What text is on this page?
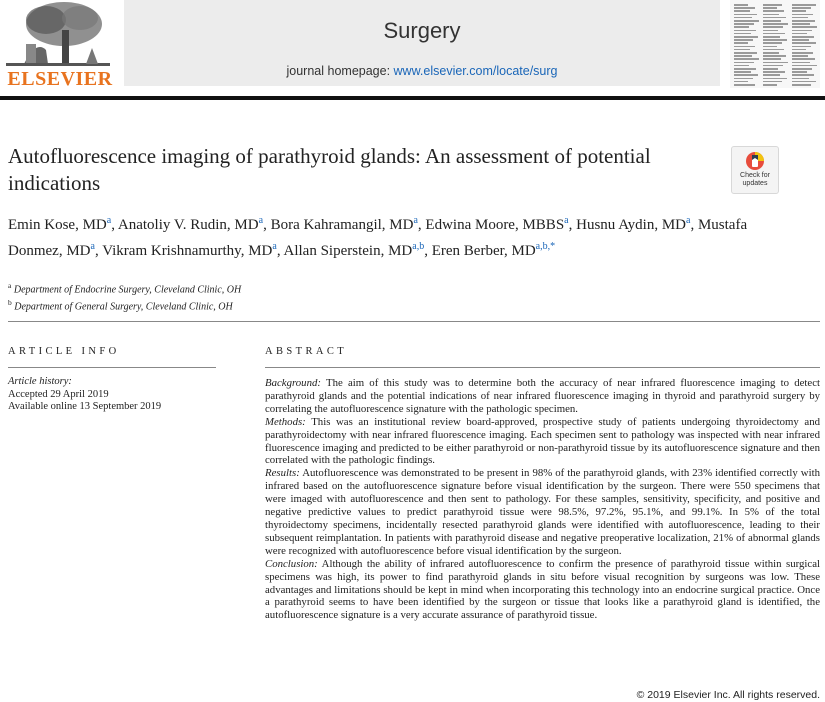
ELSEVIER
Surgery
journal homepage: www.elsevier.com/locate/surg
Autofluorescence imaging of parathyroid glands: An assessment of potential indications	Check for updates
Emin Kose, $MD^a$, Anatoliy V. Rudin, $MD^a$, Bora Kahramangil, $MD^a$, Edwina Moore, MBBS$^a$, Husnu Aydin, $MD^a$, Mustafa Donmez, $MD^a$, Vikram Krishnamurthy, $MD^a$, Allan Siperstein, MD$^{a,b}$, Eren Berber, $MD^{a,b,*}$
$^a$ Department of Endocrine Surgery, Cleveland Clinic, OH
$^b$ Department of General Surgery, Cleveland Clinic, OH
ARTICLE INFO
Article history:
Accepted 29 April 2019
Available online 13 September 2019
ABSTRACT
Background: The aim of this study was to determine both the accuracy of near infrared fluorescence imaging to detect parathyroid glands and the potential indications of near infrared fluorescence imaging in thyroid and parathyroid surgery by correlating the autofluorescence signature with the pathologic specimen.
Methods: This was an institutional review board-approved, prospective study of patients undergoing thyroidectomy and parathyroidectomy with near infrared fluorescence imaging. Each specimen sent to pathology was inspected with near infrared fluorescence imaging and predicted to be either parathyroid or non-parathyroid tissue by its autofluorescence signature and then correlated with the pathologic findings.
Results: Autofluorescence was demonstrated to be present in 98% of the parathyroid glands, with 23% identified correctly with infrared based on the autofluorescence signature before visual identification by the surgeon. There were 550 specimens that were imaged with autofluorescence and then sent to pathology. For these samples, sensitivity, specificity, and positive and negative predictive values to predict parathyroid tissue were 98.5%, 97.2%, 95.1%, and 99.1%. In 5% of the total thyroidectomy specimens, incidentally resected parathyroid glands were identified with autofluorescence, leading to their subsequent reimplantation. In patients with parathyroid disease and negative preoperative localization, 21% of abnormal glands were recognized with autofluorescence before visual identification by the surgeon.
Conclusion: Although the ability of infrared autofluorescence to confirm the presence of parathyroid tissue within surgical specimens was high, its power to find parathyroid glands in situ before visual recognition by surgeons was low. These advantages and limitations should be kept in mind when incorporating this technology into an endocrine surgical practice. Once a parathyroid seems to have been identified by the surgeon or tissue that looks like a parathyroid gland is identified, the autofluorescence signature is a very accurate assurance of parathyroid tissue.
© 2019 Elsevier Inc. All rights reserved.
